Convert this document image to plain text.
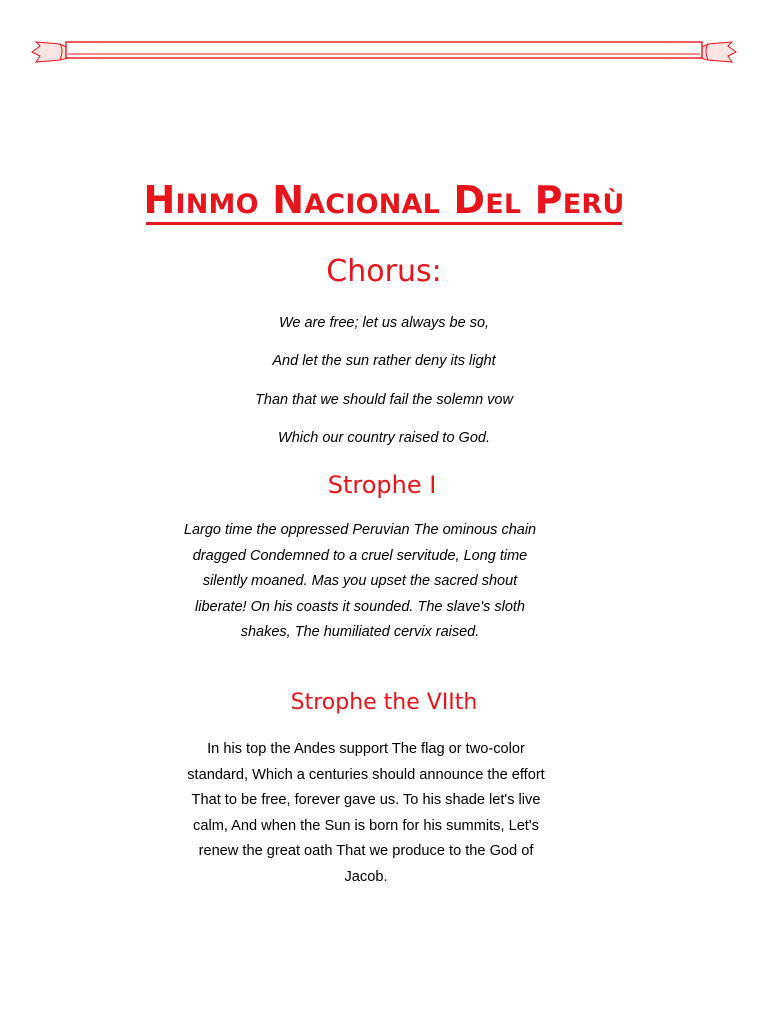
Hinmo Nacional Del Perù
Chorus:
We are free; let us always be so,
And let the sun rather deny its light
Than that we should fail the solemn vow
Which our country raised to God.
Strophe I
Largo time the oppressed Peruvian The ominous chain dragged Condemned to a cruel servitude, Long time silently moaned. Mas you upset the sacred shout liberate! On his coasts it sounded. The slave's sloth shakes, The humiliated cervix raised.
Strophe the VIIth
In his top the Andes support The flag or two-color standard, Which a centuries should announce the effort That to be free, forever gave us. To his shade let's live calm, And when the Sun is born for his summits, Let's renew the great oath That we produce to the God of Jacob.
